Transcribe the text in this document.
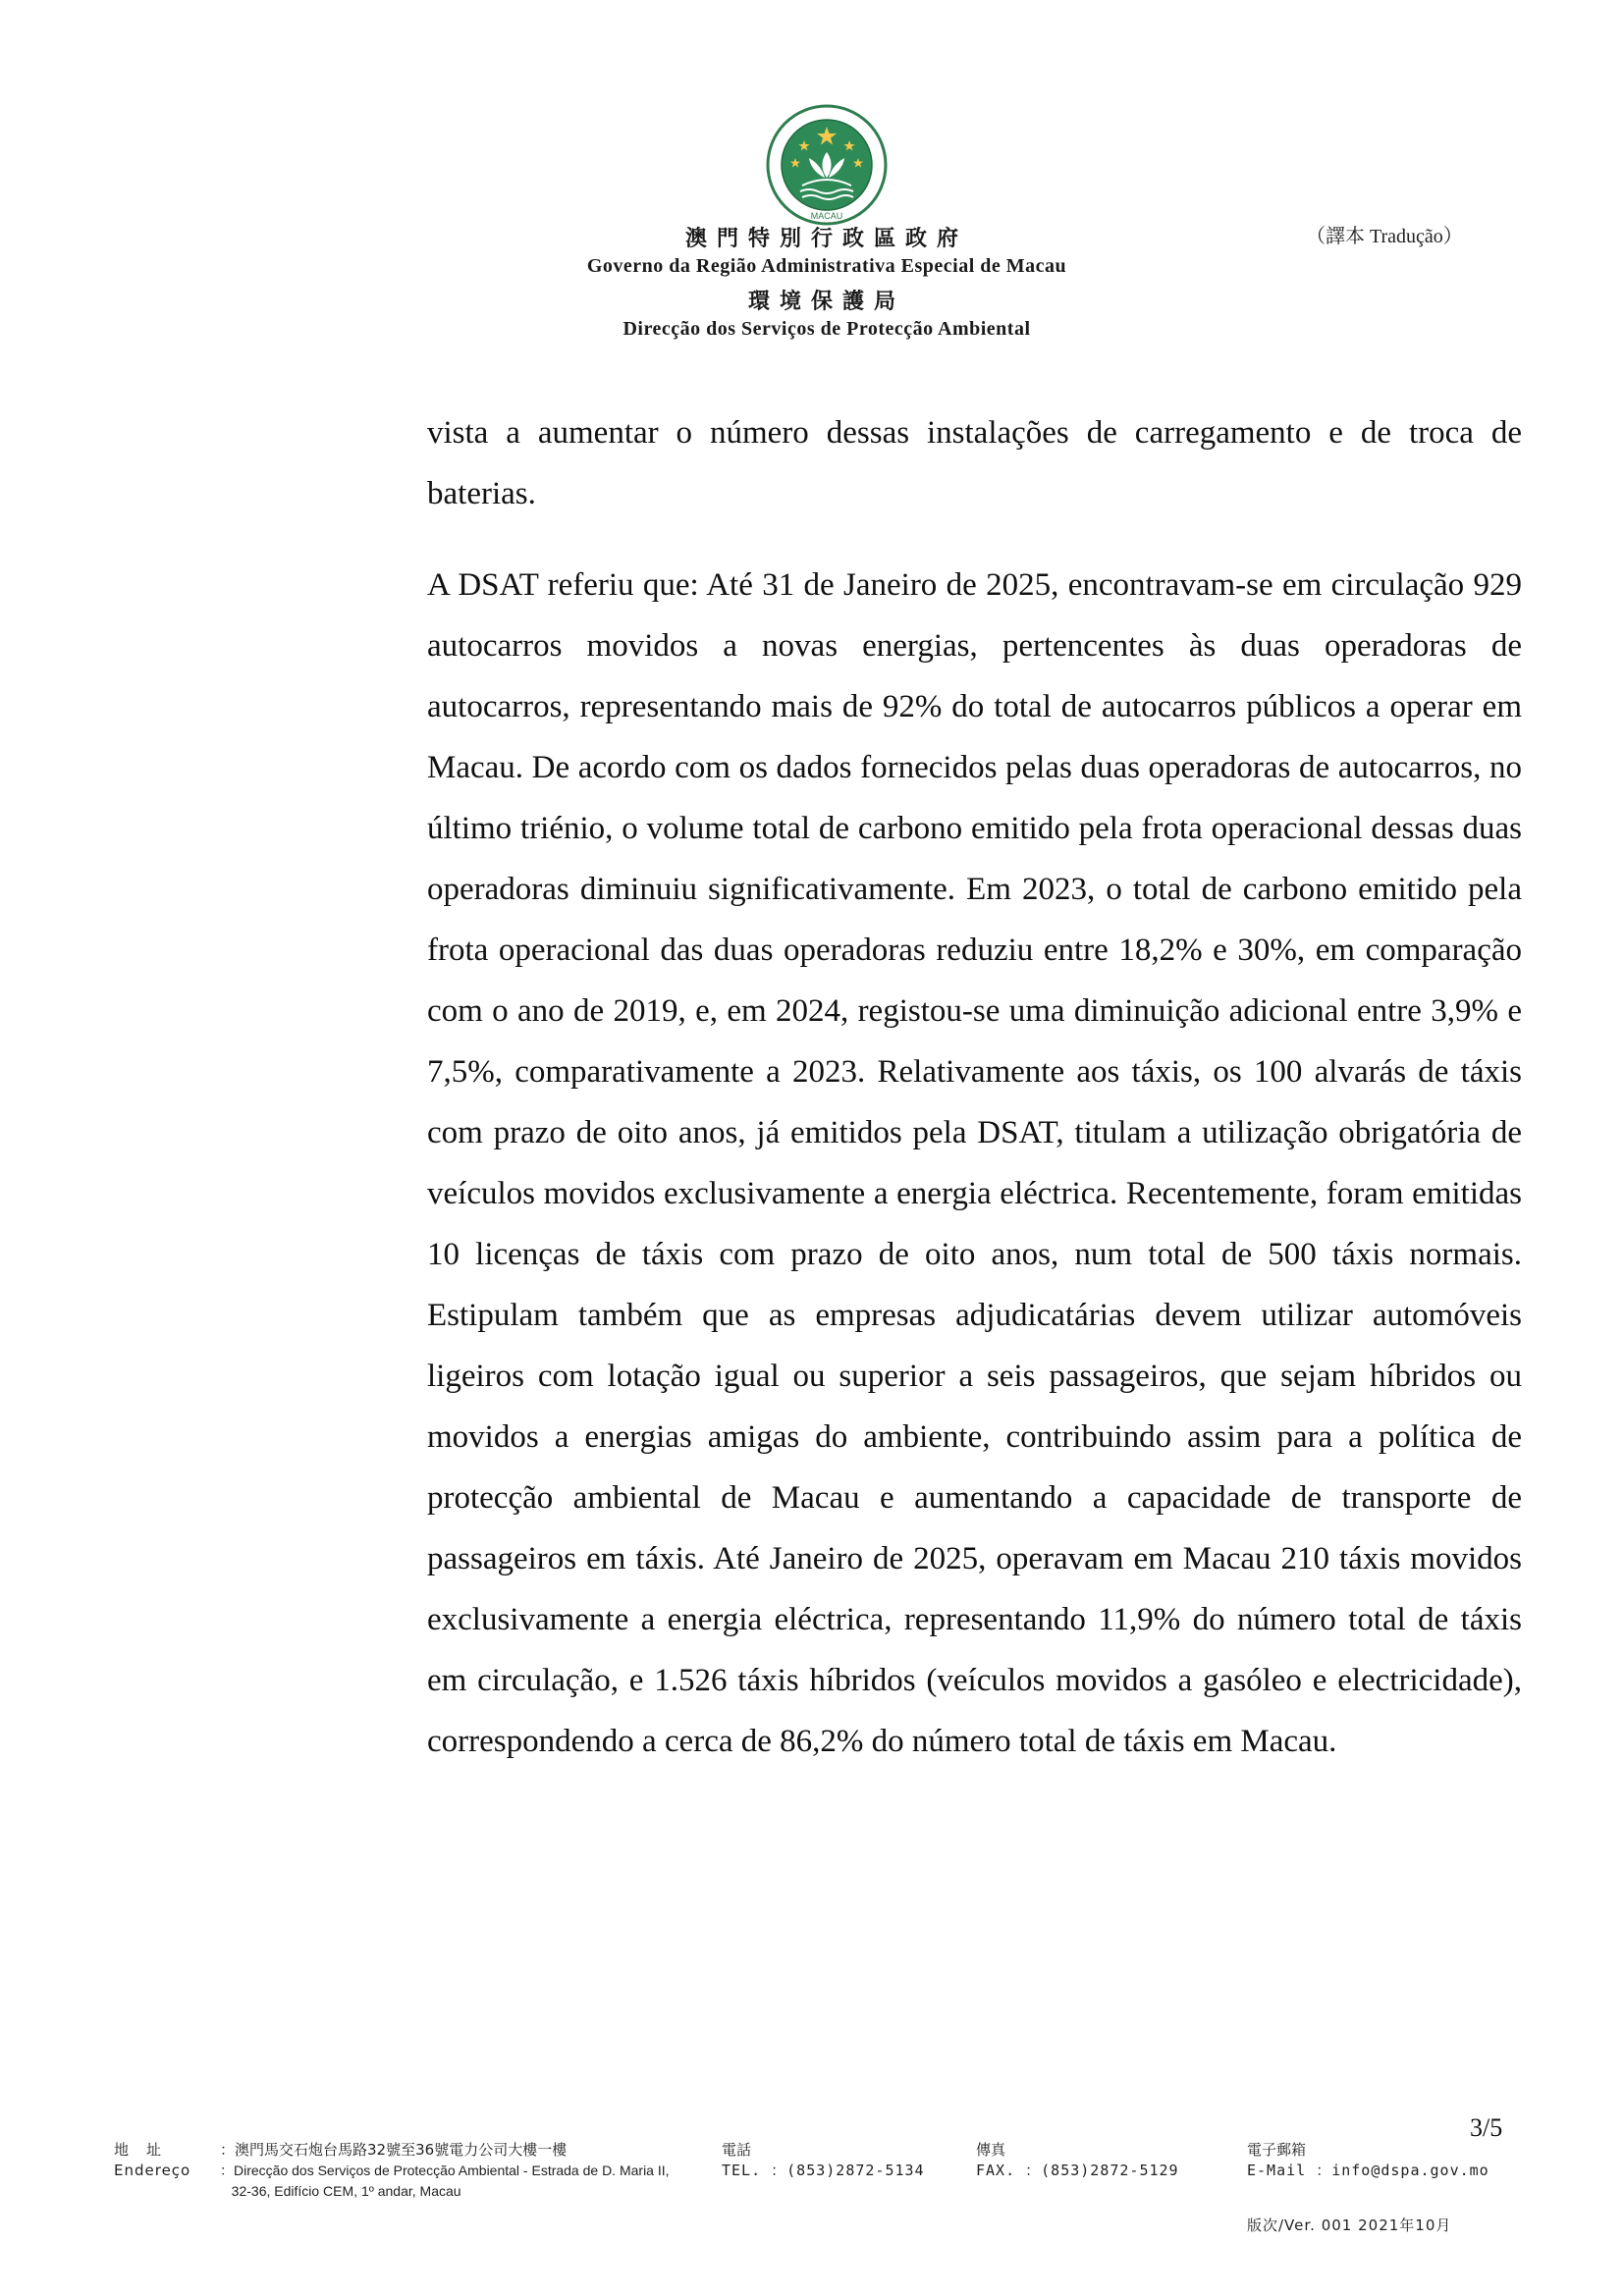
MACAU
澳門特別行政區政府
Governo da Região Administrativa Especial de Macau
環境保護局
Direcção dos Serviços de Protecção Ambiental
（譯本 Tradução）

vista a aumentar o número dessas instalações de carregamento e de troca de baterias.

A DSAT referiu que: Até 31 de Janeiro de 2025, encontravam-se em circulação 929 autocarros movidos a novas energias, pertencentes às duas operadoras de autocarros, representando mais de 92% do total de autocarros públicos a operar em Macau. De acordo com os dados fornecidos pelas duas operadoras de autocarros, no último triénio, o volume total de carbono emitido pela frota operacional dessas duas operadoras diminuiu significativamente. Em 2023, o total de carbono emitido pela frota operacional das duas operadoras reduziu entre 18,2% e 30%, em comparação com o ano de 2019, e, em 2024, registou-se uma diminuição adicional entre 3,9% e 7,5%, comparativamente a 2023. Relativamente aos táxis, os 100 alvarás de táxis com prazo de oito anos, já emitidos pela DSAT, titulam a utilização obrigatória de veículos movidos exclusivamente a energia eléctrica. Recentemente, foram emitidas 10 licenças de táxis com prazo de oito anos, num total de 500 táxis normais. Estipulam também que as empresas adjudicatárias devem utilizar automóveis ligeiros com lotação igual ou superior a seis passageiros, que sejam híbridos ou movidos a energias amigas do ambiente, contribuindo assim para a política de protecção ambiental de Macau e aumentando a capacidade de transporte de passageiros em táxis. Até Janeiro de 2025, operavam em Macau 210 táxis movidos exclusivamente a energia eléctrica, representando 11,9% do número total de táxis em circulação, e 1.526 táxis híbridos (veículos movidos a gasóleo e electricidade), correspondendo a cerca de 86,2% do número total de táxis em Macau.

3/5
地址
Endereço
：澳門馬交石炮台馬路32號至36號電力公司大樓一樓
：Direcção dos Serviços de Protecção Ambiental - Estrada de D. Maria II,
32-36, Edifício CEM, 1º andar, Macau
電話
TEL. ：(853)2872-5134
傳真
FAX. ：(853)2872-5129
電子郵箱
E-Mail ：info@dspa.gov.mo
版次/Ver. 001 2021年10月
